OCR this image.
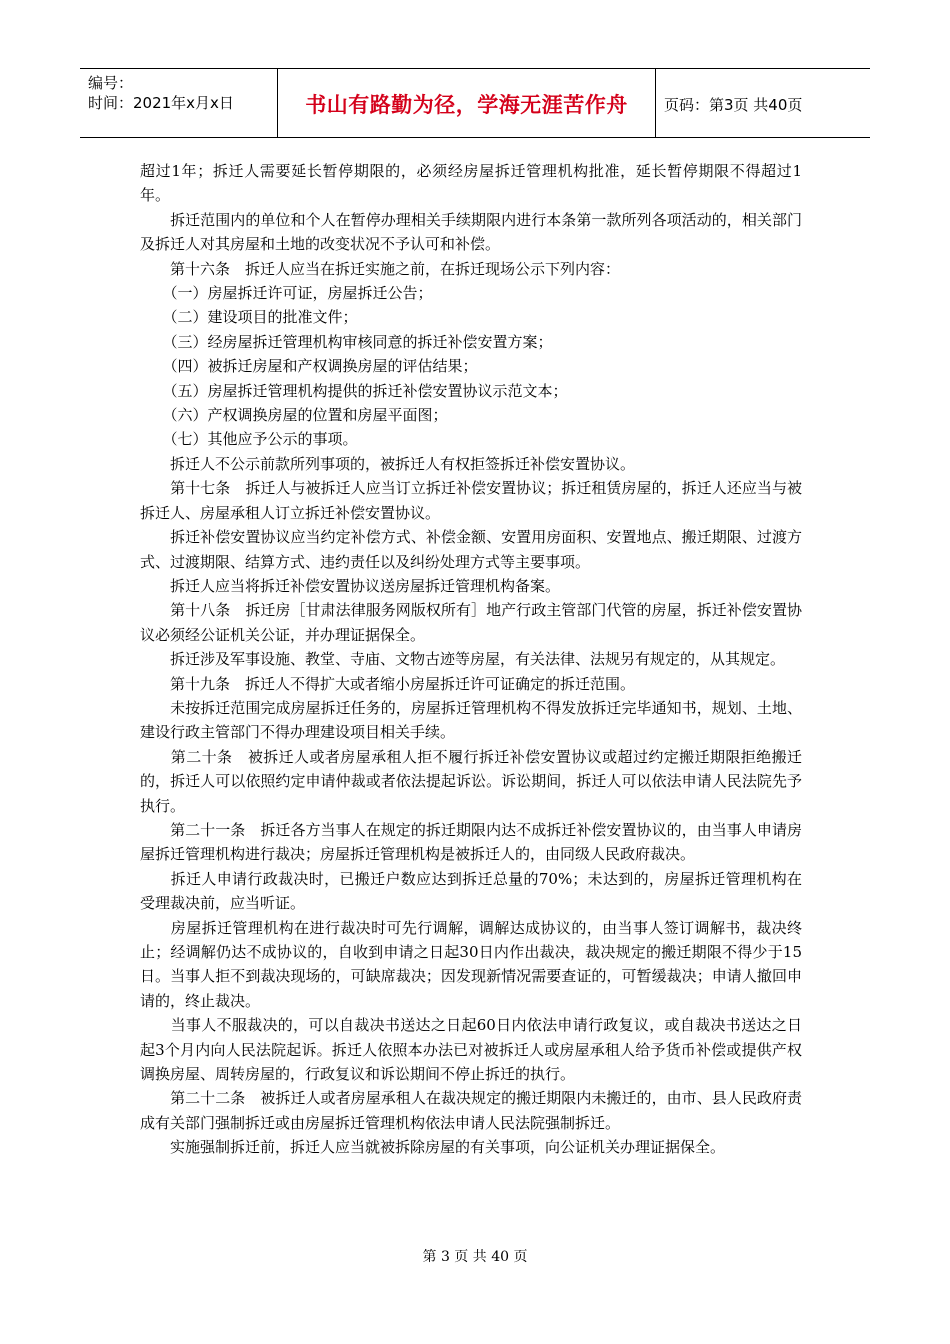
编号：
时间：2021年x月x日	书山有路勤为径，学海无涯苦作舟	页码：第3页 共40页

超过1年；拆迁人需要延长暂停期限的，必须经房屋拆迁管理机构批准，延长暂停期限不得超过1年。

　　拆迁范围内的单位和个人在暂停办理相关手续期限内进行本条第一款所列各项活动的，相关部门及拆迁人对其房屋和土地的改变状况不予认可和补偿。

　　第十六条　拆迁人应当在拆迁实施之前，在拆迁现场公示下列内容：

　　（一）房屋拆迁许可证，房屋拆迁公告；

　　（二）建设项目的批准文件；

　　（三）经房屋拆迁管理机构审核同意的拆迁补偿安置方案；

　　（四）被拆迁房屋和产权调换房屋的评估结果；

　　（五）房屋拆迁管理机构提供的拆迁补偿安置协议示范文本；

　　（六）产权调换房屋的位置和房屋平面图；

　　（七）其他应予公示的事项。

　　拆迁人不公示前款所列事项的，被拆迁人有权拒签拆迁补偿安置协议。

　　第十七条　拆迁人与被拆迁人应当订立拆迁补偿安置协议；拆迁租赁房屋的，拆迁人还应当与被拆迁人、房屋承租人订立拆迁补偿安置协议。

　　拆迁补偿安置协议应当约定补偿方式、补偿金额、安置用房面积、安置地点、搬迁期限、过渡方式、过渡期限、结算方式、违约责任以及纠纷处理方式等主要事项。

　　拆迁人应当将拆迁补偿安置协议送房屋拆迁管理机构备案。

　　第十八条　拆迁房［甘肃法律服务网版权所有］地产行政主管部门代管的房屋，拆迁补偿安置协议必须经公证机关公证，并办理证据保全。

　　拆迁涉及军事设施、教堂、寺庙、文物古迹等房屋，有关法律、法规另有规定的，从其规定。

　　第十九条　拆迁人不得扩大或者缩小房屋拆迁许可证确定的拆迁范围。

　　未按拆迁范围完成房屋拆迁任务的，房屋拆迁管理机构不得发放拆迁完毕通知书，规划、土地、建设行政主管部门不得办理建设项目相关手续。

　　第二十条　被拆迁人或者房屋承租人拒不履行拆迁补偿安置协议或超过约定搬迁期限拒绝搬迁的，拆迁人可以依照约定申请仲裁或者依法提起诉讼。诉讼期间，拆迁人可以依法申请人民法院先予执行。

　　第二十一条　拆迁各方当事人在规定的拆迁期限内达不成拆迁补偿安置协议的，由当事人申请房屋拆迁管理机构进行裁决；房屋拆迁管理机构是被拆迁人的，由同级人民政府裁决。

　　拆迁人申请行政裁决时，已搬迁户数应达到拆迁总量的70%；未达到的，房屋拆迁管理机构在受理裁决前，应当听证。

　　房屋拆迁管理机构在进行裁决时可先行调解，调解达成协议的，由当事人签订调解书，裁决终止；经调解仍达不成协议的，自收到申请之日起30日内作出裁决，裁决规定的搬迁期限不得少于15日。当事人拒不到裁决现场的，可缺席裁决；因发现新情况需要查证的，可暂缓裁决；申请人撤回申请的，终止裁决。

　　当事人不服裁决的，可以自裁决书送达之日起60日内依法申请行政复议，或自裁决书送达之日起3个月内向人民法院起诉。拆迁人依照本办法已对被拆迁人或房屋承租人给予货币补偿或提供产权调换房屋、周转房屋的，行政复议和诉讼期间不停止拆迁的执行。

　　第二十二条　被拆迁人或者房屋承租人在裁决规定的搬迁期限内未搬迁的，由市、县人民政府责成有关部门强制拆迁或由房屋拆迁管理机构依法申请人民法院强制拆迁。

　　实施强制拆迁前，拆迁人应当就被拆除房屋的有关事项，向公证机关办理证据保全。

第 3 页 共 40 页
